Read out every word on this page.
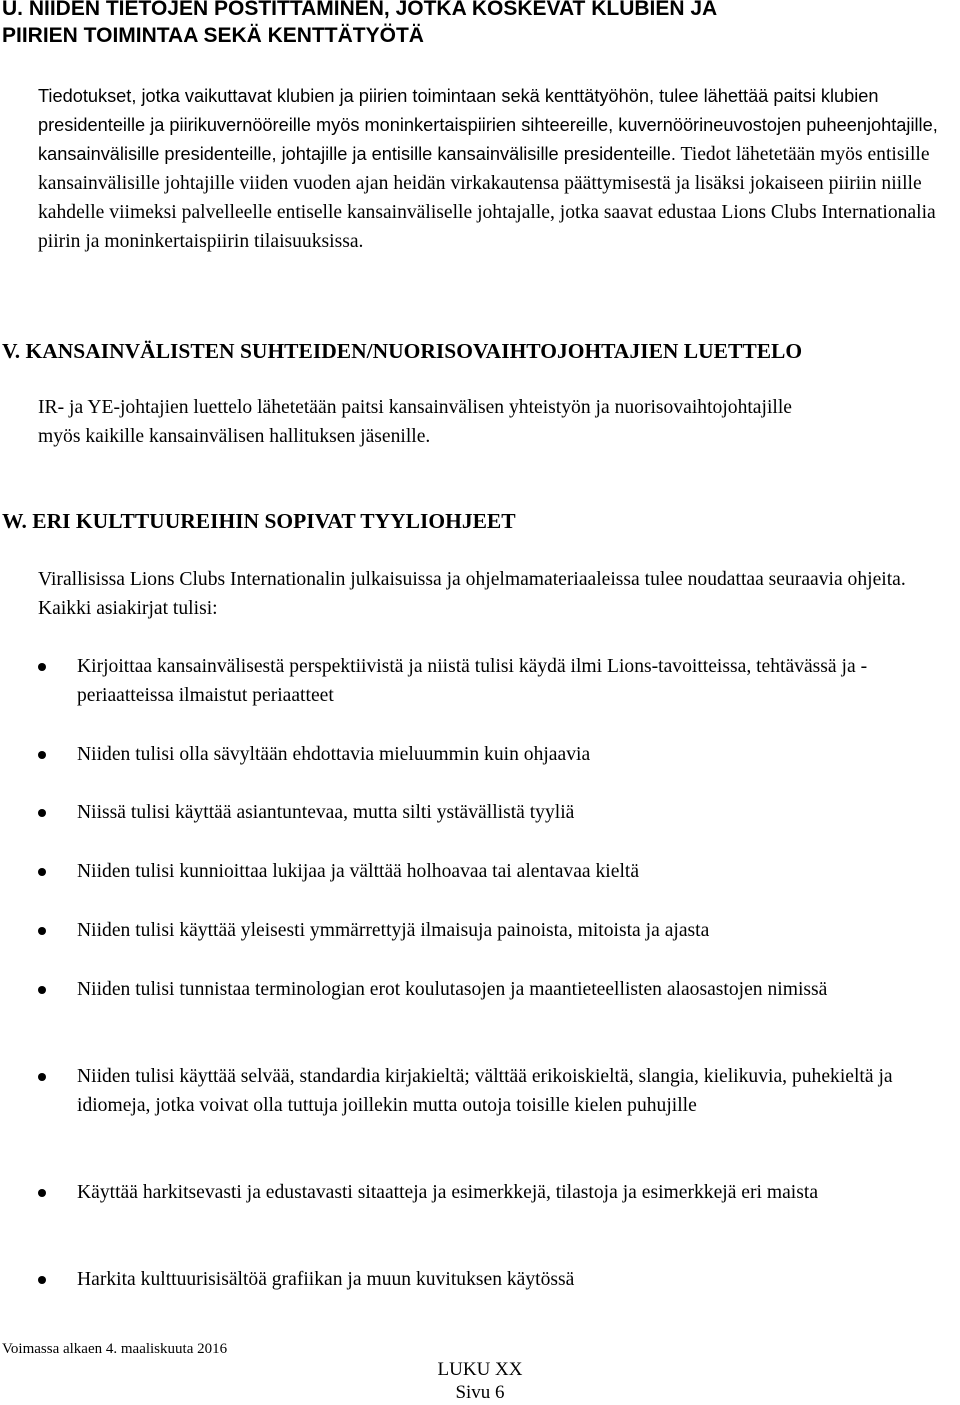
U. NIIDEN TIETOJEN POSTITTAMINEN, JOTKA KOSKEVAT KLUBIEN JA
PIIRIEN TOIMINTAA SEKÄ KENTTÄTYÖTÄ

Tiedotukset, jotka vaikuttavat klubien ja piirien toimintaan sekä kenttätyöhön, tulee lähettää paitsi klubien presidenteille ja piirikuvernööreille myös moninkertaispiirien sihteereille, kuvernöörineuvostojen puheenjohtajille, kansainvälisille presidenteille, johtajille ja entisille kansainvälisille presidenteille. Tiedot lähetetään myös entisille kansainvälisille johtajille viiden vuoden ajan heidän virkakautensa päättymisestä ja lisäksi jokaiseen piiriin niille kahdelle viimeksi palvelleelle entiselle kansainväliselle johtajalle, jotka saavat edustaa Lions Clubs Internationalia piirin ja moninkertaispiirin tilaisuuksissa.

V. KANSAINVÄLISTEN SUHTEIDEN/NUORISOVAIHTOJOHTAJIEN LUETTELO

IR- ja YE-johtajien luettelo lähetetään paitsi kansainvälisen yhteistyön ja nuorisovaihtojohtajille myös kaikille kansainvälisen hallituksen jäsenille.

W. ERI KULTTUUREIHIN SOPIVAT TYYLIOHJEET

Virallisissa Lions Clubs Internationalin julkaisuissa ja ohjelmamateriaaleissa tulee noudattaa seuraavia ohjeita. Kaikki asiakirjat tulisi:

Kirjoittaa kansainvälisestä perspektiivistä ja niistä tulisi käydä ilmi Lions-tavoitteissa, tehtävässä ja -periaatteissa ilmaistut periaatteet
Niiden tulisi olla sävyltään ehdottavia mieluummin kuin ohjaavia
Niissä tulisi käyttää asiantuntevaa, mutta silti ystävällistä tyyliä
Niiden tulisi kunnioittaa lukijaa ja välttää holhoavaa tai alentavaa kieltä
Niiden tulisi käyttää yleisesti ymmärrettyjä ilmaisuja painoista, mitoista ja ajasta
Niiden tulisi tunnistaa terminologian erot koulutasojen ja maantieteellisten alaosastojen nimissä
Niiden tulisi käyttää selvää, standardia kirjakieltä; välttää erikoiskieltä, slangia, kielikuvia, puhekieltä ja idiomeja, jotka voivat olla tuttuja joillekin mutta outoja toisille kielen puhujille
Käyttää harkitsevasti ja edustavasti sitaatteja ja esimerkkejä, tilastoja ja esimerkkejä eri maista
Harkita kulttuurisisältöä grafiikan ja muun kuvituksen käytössä
Voimassa alkaen 4. maaliskuuta 2016
LUKU XX
Sivu 6
